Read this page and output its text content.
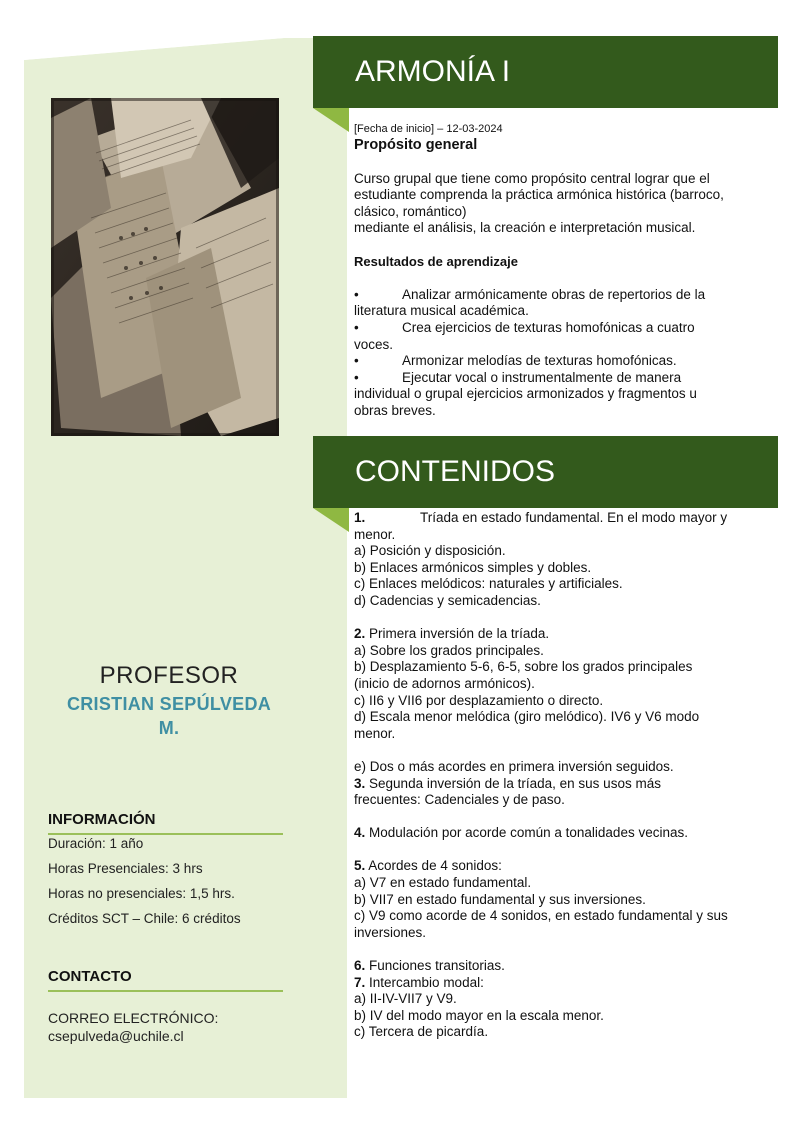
PROFESOR
CRISTIAN SEPÚLVEDA
M.
INFORMACIÓN
Duración: 1 año
Horas Presenciales: 3 hrs
Horas no presenciales: 1,5 hrs.
Créditos SCT – Chile: 6 créditos
CONTACTO
CORREO ELECTRÓNICO:
csepulveda@uchile.cl
ARMONÍA I

[Fecha de inicio] – 12-03-2024

Propósito general

Curso grupal que tiene como propósito central lograr que el

estudiante comprenda la práctica armónica histórica (barroco,

clásico, romántico)

mediante el análisis, la creación e interpretación musical.

Resultados de aprendizaje

•	Analizar armónicamente obras de repertorios de la

literatura musical académica.

•	Crea ejercicios de texturas homofónicas a cuatro

voces.

•	Armonizar melodías de texturas homofónicas.

•	Ejecutar vocal o instrumentalmente de manera

individual o grupal ejercicios armonizados y fragmentos u

obras breves.

CONTENIDOS

1.	Tríada en estado fundamental. En el modo mayor y

menor.

a) Posición y disposición.

b) Enlaces armónicos simples y dobles.

c) Enlaces melódicos: naturales y artificiales.

d) Cadencias y semicadencias.

2. Primera inversión de la tríada.

a) Sobre los grados principales.

b) Desplazamiento 5-6, 6-5, sobre los grados principales

(inicio de adornos armónicos).

c) II6 y VII6 por desplazamiento o directo.

d) Escala menor melódica (giro melódico). IV6 y V6 modo

menor.

e) Dos o más acordes en primera inversión seguidos.

3. Segunda inversión de la tríada, en sus usos más

frecuentes: Cadenciales y de paso.

4. Modulación por acorde común a tonalidades vecinas.

5. Acordes de 4 sonidos:

a) V7 en estado fundamental.

b) VII7 en estado fundamental y sus inversiones.

c) V9 como acorde de 4 sonidos, en estado fundamental y sus

inversiones.

6. Funciones transitorias.

7. Intercambio modal:

a) II-IV-VII7 y V9.

b) IV del modo mayor en la escala menor.

c) Tercera de picardía.
